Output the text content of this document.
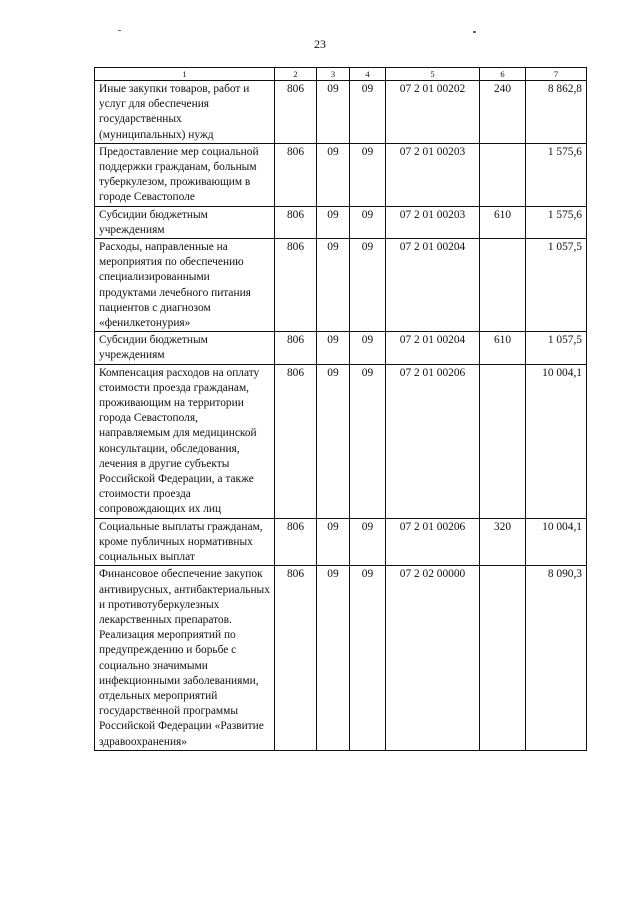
23
1	2	3	4	5	6	7
Иные закупки товаров, работ и услуг для обеспечения государственных (муниципальных) нужд	806	09	09	07 2 01 00202	240	8 862,8
Предоставление мер социальной поддержки гражданам, больным туберкулезом, проживающим в городе Севастополе	806	09	09	07 2 01 00203		1 575,6
Субсидии бюджетным учреждениям	806	09	09	07 2 01 00203	610	1 575,6
Расходы, направленные на мероприятия по обеспечению специализированными продуктами лечебного питания пациентов с диагнозом «фенилкетонурия»	806	09	09	07 2 01 00204		1 057,5
Субсидии бюджетным учреждениям	806	09	09	07 2 01 00204	610	1 057,5
Компенсация расходов на оплату стоимости проезда гражданам, проживающим на территории города Севастополя, направляемым для медицинской консультации, обследования, лечения в другие субъекты Российской Федерации, а также стоимости проезда сопровождающих их лиц	806	09	09	07 2 01 00206		10 004,1
Социальные выплаты гражданам, кроме публичных нормативных социальных выплат	806	09	09	07 2 01 00206	320	10 004,1
Финансовое обеспечение закупок антивирусных, антибактериальных и противотуберкулезных лекарственных препаратов. Реализация мероприятий по предупреждению и борьбе с социально значимыми инфекционными заболеваниями, отдельных мероприятий государственной программы Российской Федерации «Развитие здравоохранения»	806	09	09	07 2 02 00000		8 090,3
